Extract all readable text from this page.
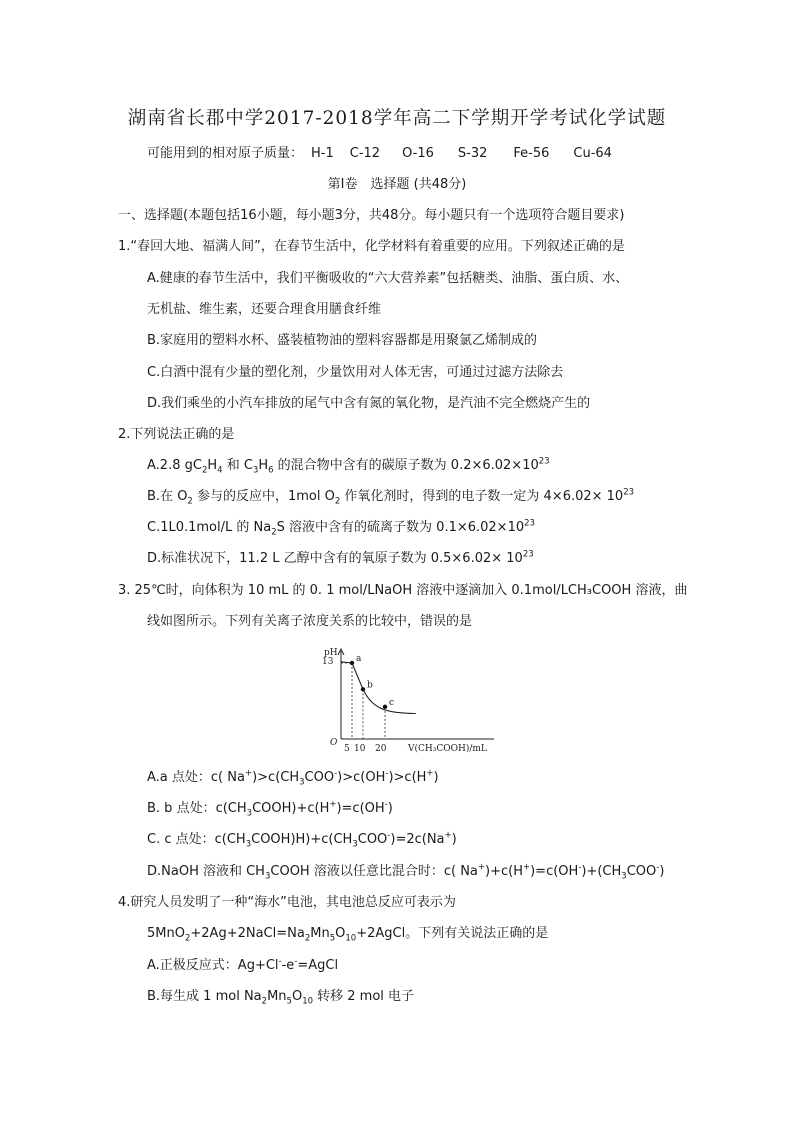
湖南省长郡中学2017-2018学年高二下学期开学考试化学试题
可能用到的相对原子质量： H-1 C-12 O-16 S-32 Fe-56 Cu-64
第Ⅰ卷　选择题 (共48分)
一、选择题(本题包括16小题，每小题3分，共48分。每小题只有一个选项符合题目要求)
1.“春回大地、福满人间”，在春节生活中，化学材料有着重要的应用。下列叙述正确的是
A.健康的春节生活中，我们平衡吸收的“六大营养素”包括糖类、油脂、蛋白质、水、
无机盐、维生素，还要合理食用膳食纤维
B.家庭用的塑料水杯、盛装植物油的塑料容器都是用聚氯乙烯制成的
C.白酒中混有少量的塑化剂，少量饮用对人体无害，可通过过滤方法除去
D.我们乘坐的小汽车排放的尾气中含有氮的氧化物，是汽油不完全燃烧产生的
2.下列说法正确的是
A.2.8 $gC_2H_4$ 和 $C_3H_6$ 的混合物中含有的碳原子数为 $0.2\times 6.02\times 10^{23}$
B.在 $O_2$ 参与的反应中，1mol $O_2$ 作氧化剂时，得到的电子数一定为 $4\times 6.02\times 10^{23}$
C.1L0.1mol/L 的 $Na_2S$ 溶液中含有的硫离子数为 $0.1\times 6.02\times 10^{23}$
D.标准状况下，11.2 L 乙醇中含有的氧原子数为 $0.5\times 6.02\times 10^{23}$
3. 25℃时，向体积为 10 mL 的 0. 1 mol/LNaOH 溶液中逐滴加入 0.1mol/LCH₃COOH 溶液，曲
线如图所示。下列有关离子浓度关系的比较中，错误的是
a
b
c
pH
13
O
5 10 20 V(CH₃COOH)/mL
A.a 点处：c( $Na^+)>c(CH_3COO^-)>c(OH^-)>c(H^+)$
B. b 点处：$c(CH_3COOH)+c(H^+)=c(OH^-)$
C. c 点处：$c(CH_3COOH)H)+c(CH_3COO^-)=2c(Na^+)$
D.NaOH 溶液和 $CH_3COOH$ 溶液以任意比混合时：c( $Na^+)+c(H^+)=c(OH^-)+(CH_3COO^-)$
4.研究人员发明了一种“海水”电池，其电池总反应可表示为
$5MnO_2+2Ag+2NaCl=Na_2Mn_5O_{10}+2AgCl$。下列有关说法正确的是
A.正极反应式：Ag+Cl--e-=AgCl
B.每生成 1 mol $Na_2Mn_5O_{10}$ 转移 2 mol 电子
